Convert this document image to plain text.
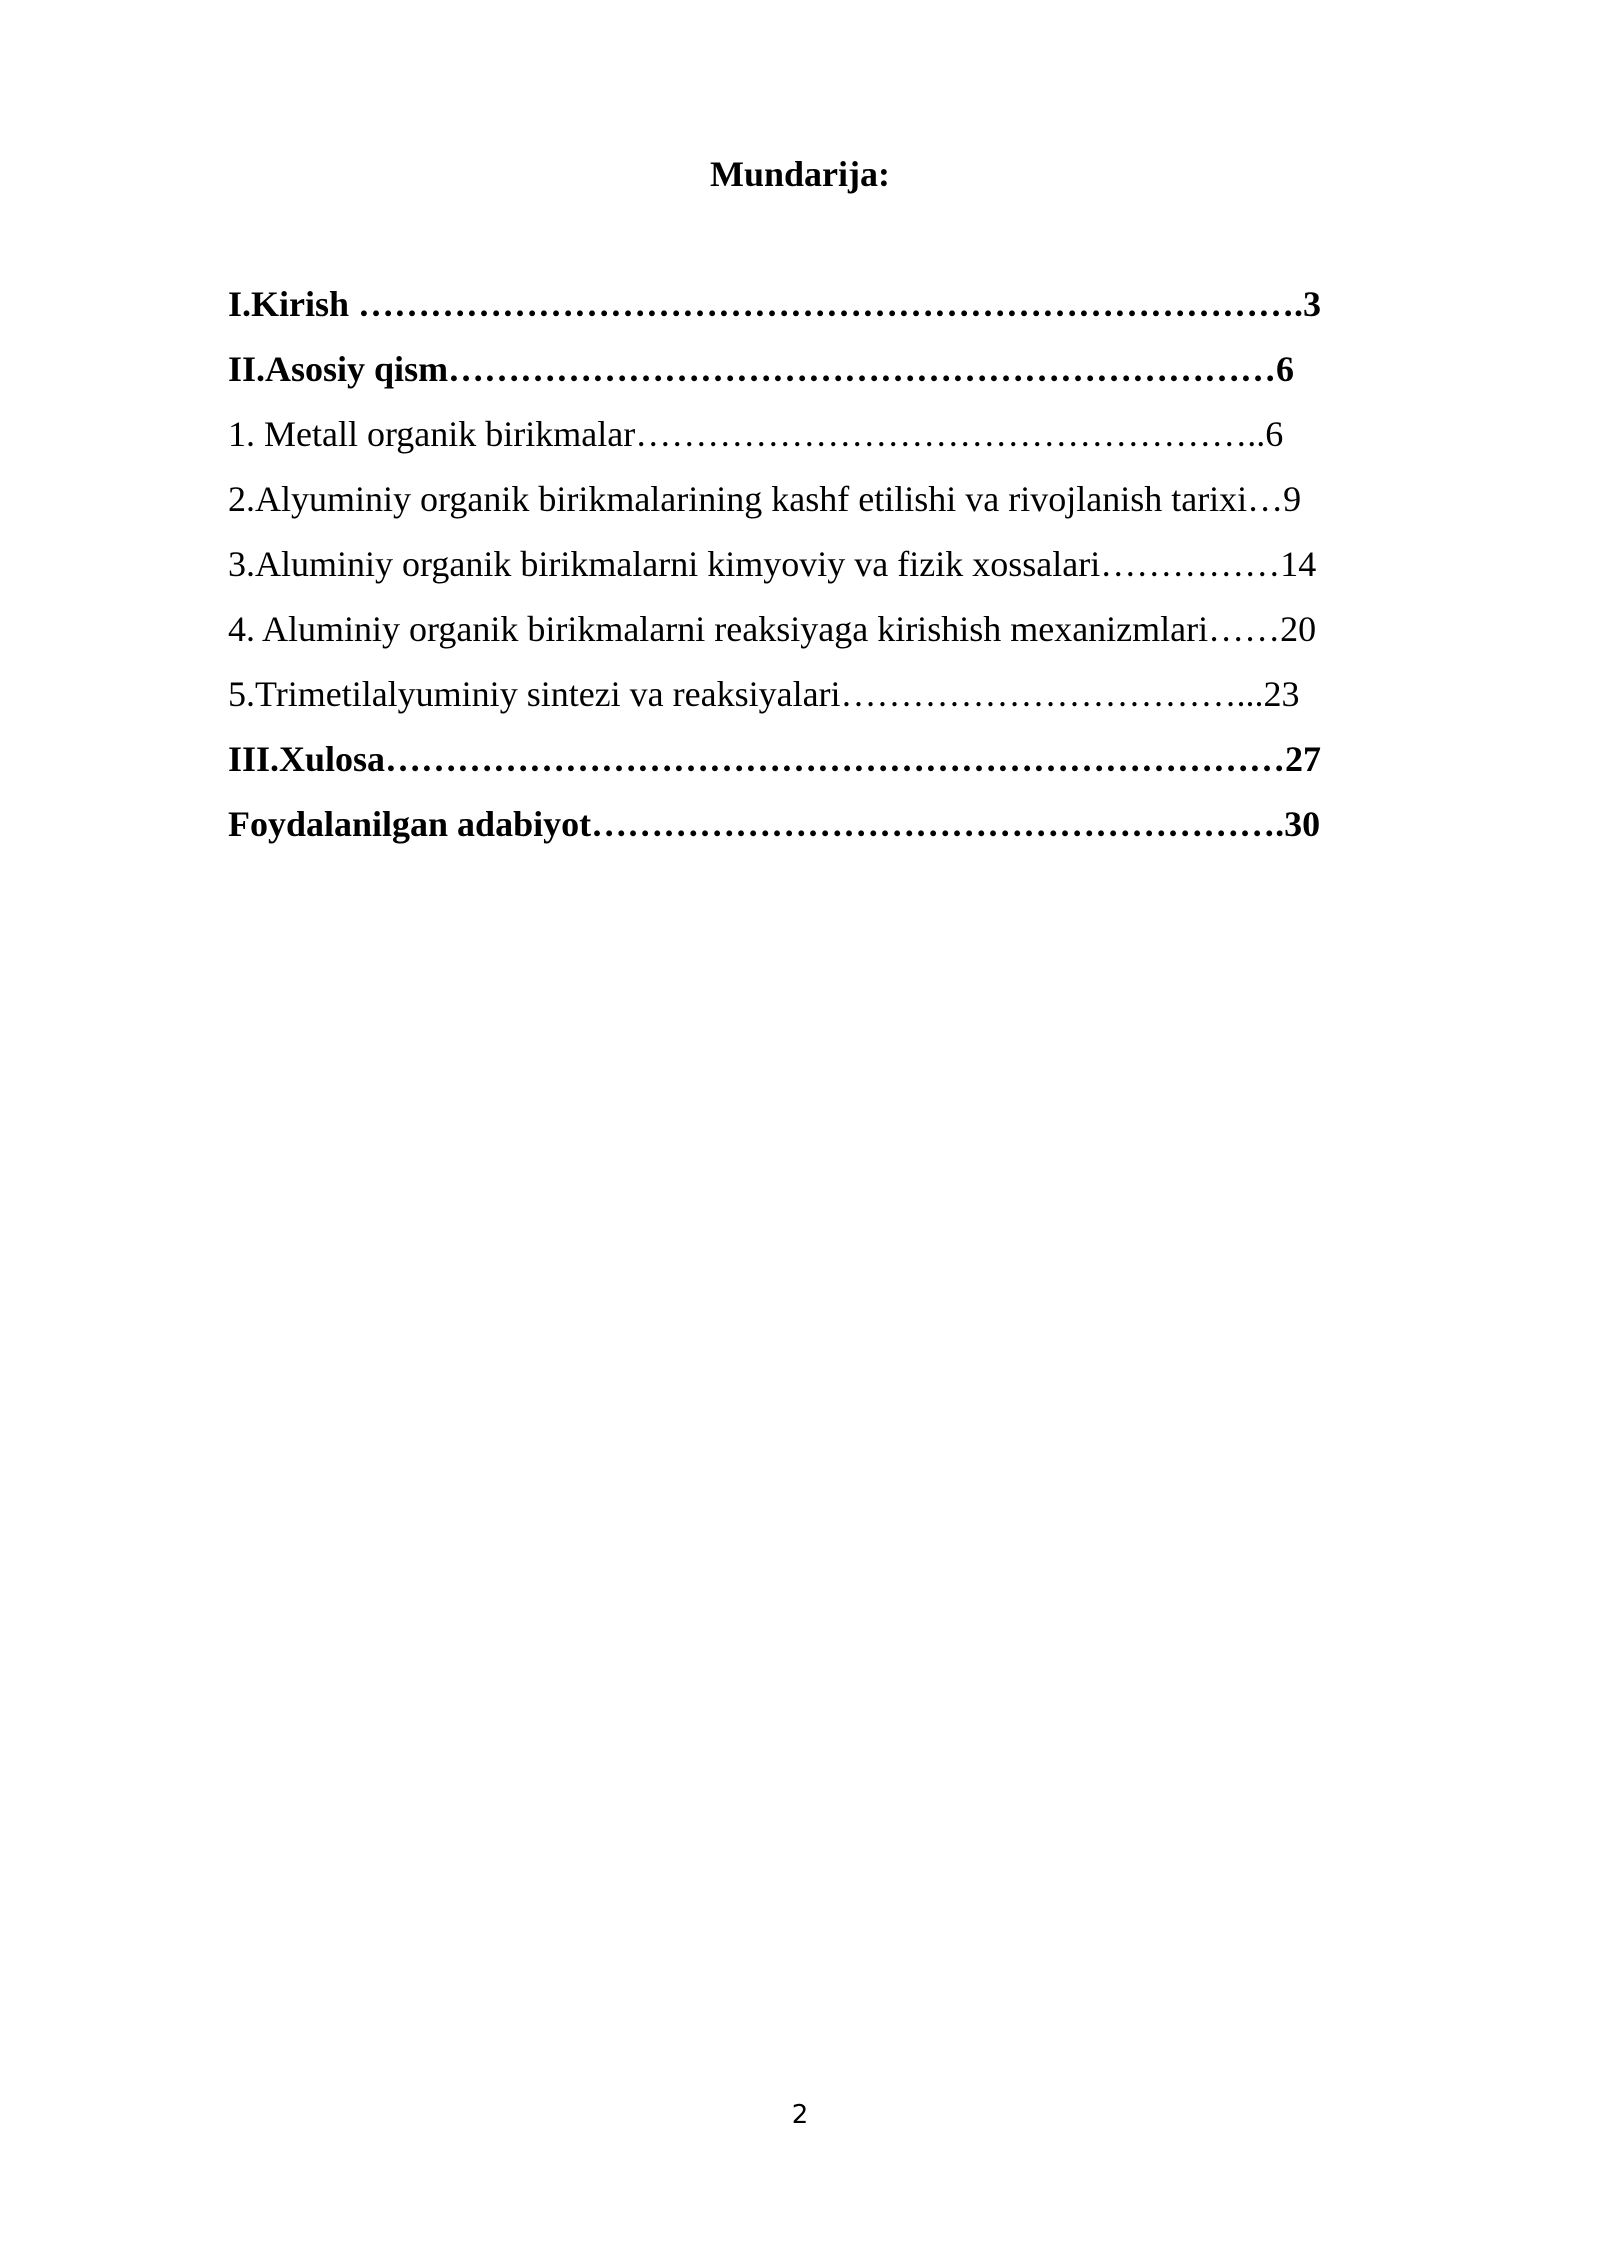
Mundarija:
I.Kirish …………………………………………………………………….3
II.Asosiy qism……………………………………………………………6
1. Metall organik birikmalar……………………………………………..6
2.Alyuminiy organik birikmalarining kashf etilishi va rivojlanish tarixi…9
3.Aluminiy organik birikmalarni kimyoviy va fizik xossalari……………14
4. Aluminiy organik birikmalarni reaksiyaga kirishish mexanizmlari……20
5.Trimetilalyuminiy sintezi va reaksiyalari……………………………...23
III.Xulosa…………………………………………………………………27
Foydalanilgan adabiyot………………………………………………….30
2
